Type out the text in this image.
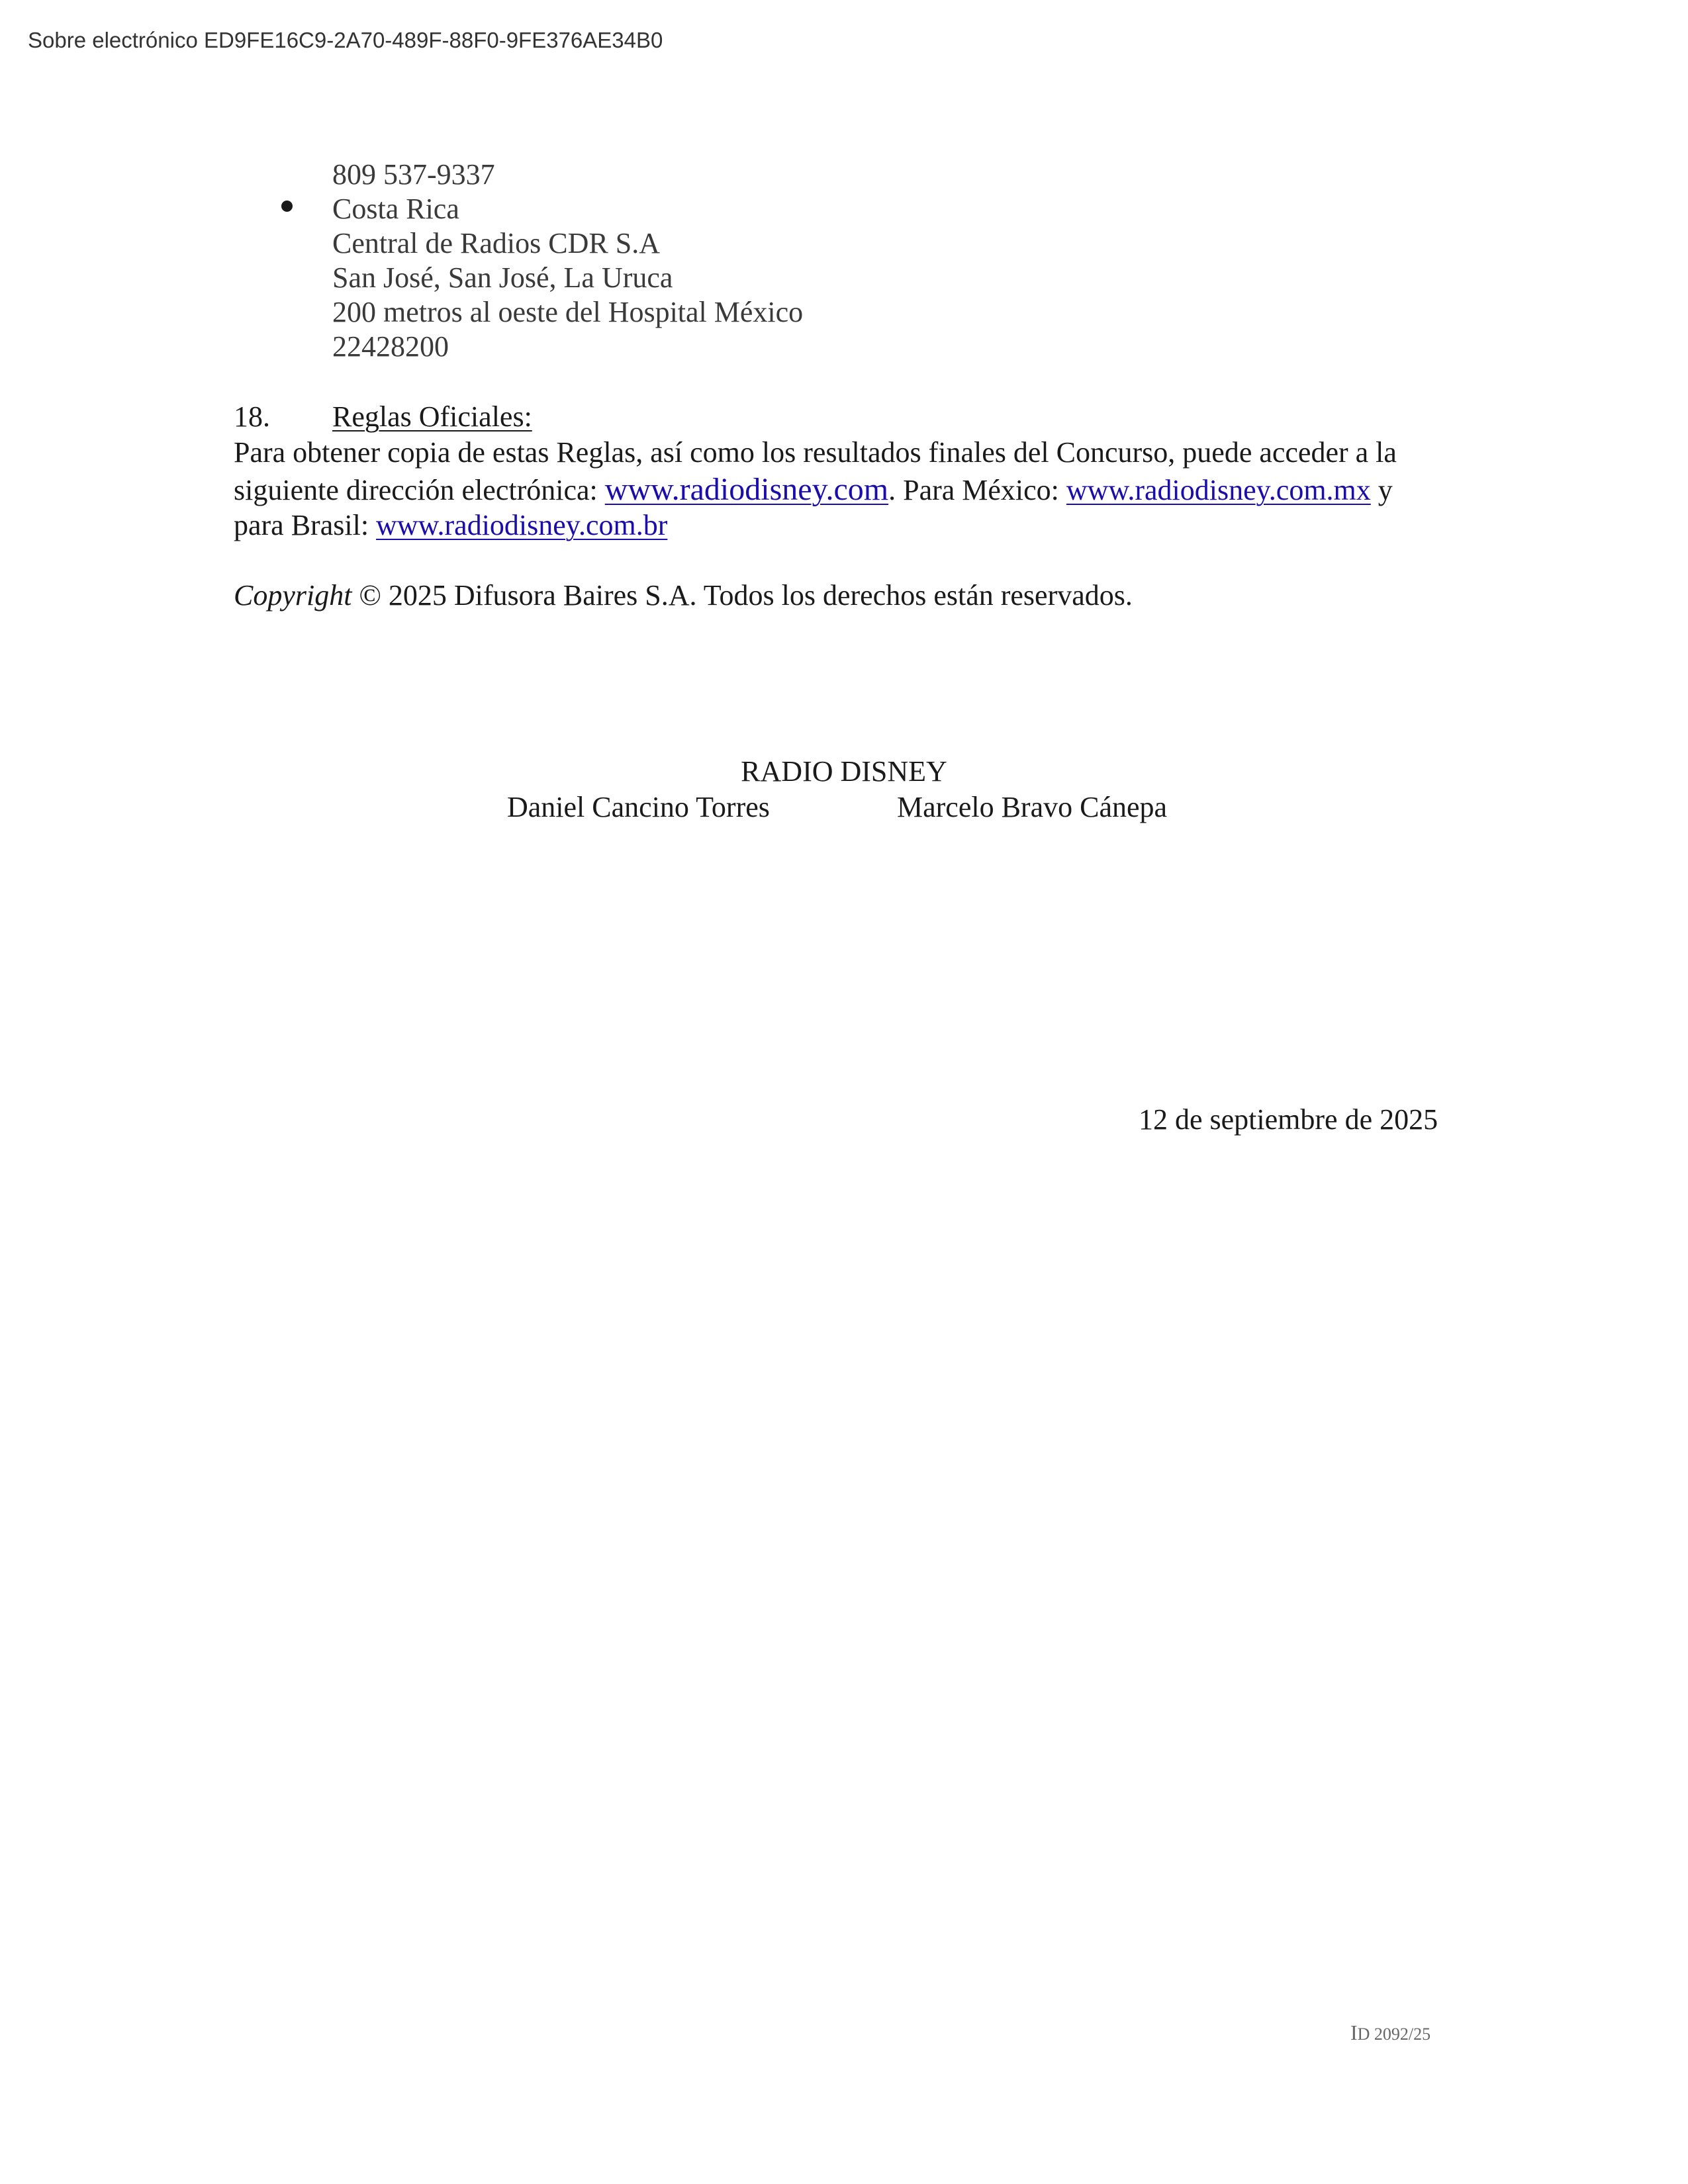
Sobre electrónico ED9FE16C9-2A70-489F-88F0-9FE376AE34B0
809 537-9337
Costa Rica
Central de Radios CDR S.A
San José, San José, La Uruca
200 metros al oeste del Hospital México
22428200
18. Reglas Oficiales:
Para obtener copia de estas Reglas, así como los resultados finales del Concurso, puede acceder a la
siguiente dirección electrónica: www.radiodisney.com. Para México: www.radiodisney.com.mx y
para Brasil: www.radiodisney.com.br
Copyright © 2025 Difusora Baires S.A. Todos los derechos están reservados.
RADIO DISNEY
Daniel Cancino Torres	Marcelo Bravo Cánepa
12 de septiembre de 2025
ID 2092/25
